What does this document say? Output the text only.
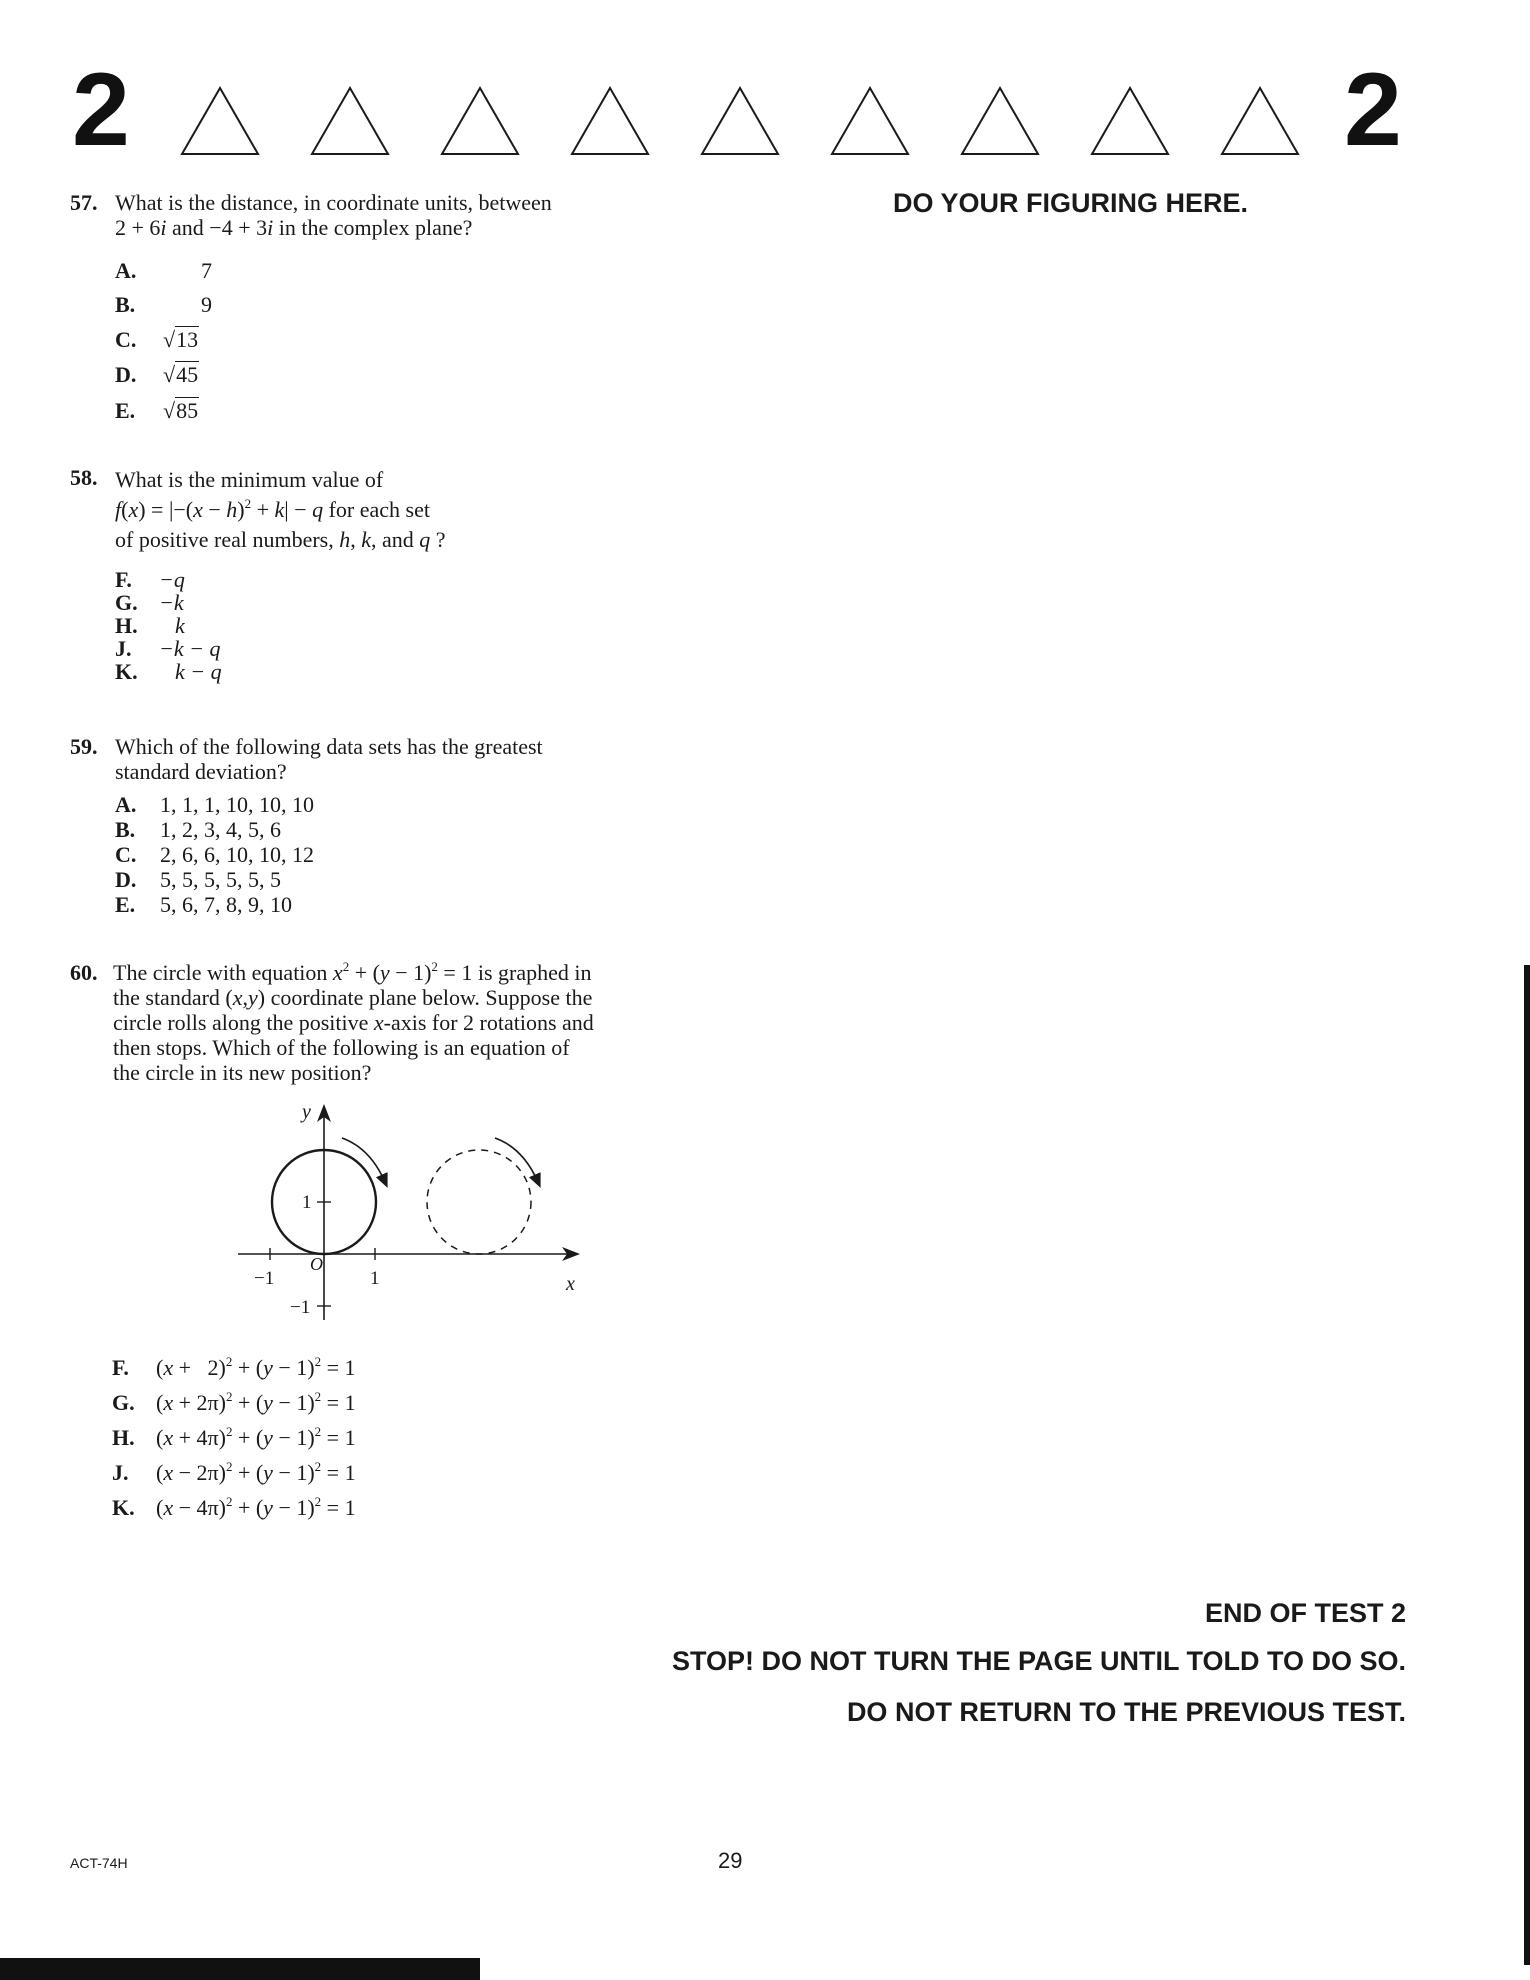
2	2
DO YOUR FIGURING HERE.
57. What is the distance, in coordinate units, between
2 + 6i and −4 + 3i in the complex plane?
A.	7
B.	9
C. √13
D. √45
E. √85
58. What is the minimum value of
$f(x) = |-(x - h)^2 + k| - q$ for each set
of positive real numbers, h, k, and q ?
F. −q
G. −k
H. k
J. −k − q
K. k − q
59. Which of the following data sets has the greatest
standard deviation?
A. 1, 1, 1, 10, 10, 10
B. 1, 2, 3, 4, 5, 6
C. 2, 6, 6, 10, 10, 12
D. 5, 5, 5, 5, 5, 5
E. 5, 6, 7, 8, 9, 10
60. The circle with equation $x^2 + (y - 1)^2 = 1$ is graphed in
the standard (x,y) coordinate plane below. Suppose the
circle rolls along the positive x-axis for 2 rotations and
then stops. Which of the following is an equation of
the circle in its new position?
y
x
O
−1	1
1
−1
F. $(x + 2)^2 + (y - 1)^2 = 1$
G. $(x + 2\pi)^2 + (y - 1)^2 = 1$
H. $(x + 4\pi)^2 + (y - 1)^2 = 1$
J. $(x - 2\pi)^2 + (y - 1)^2 = 1$
K. $(x - 4\pi)^2 + (y - 1)^2 = 1$
END OF TEST 2
STOP! DO NOT TURN THE PAGE UNTIL TOLD TO DO SO.
DO NOT RETURN TO THE PREVIOUS TEST.
ACT-74H	29
